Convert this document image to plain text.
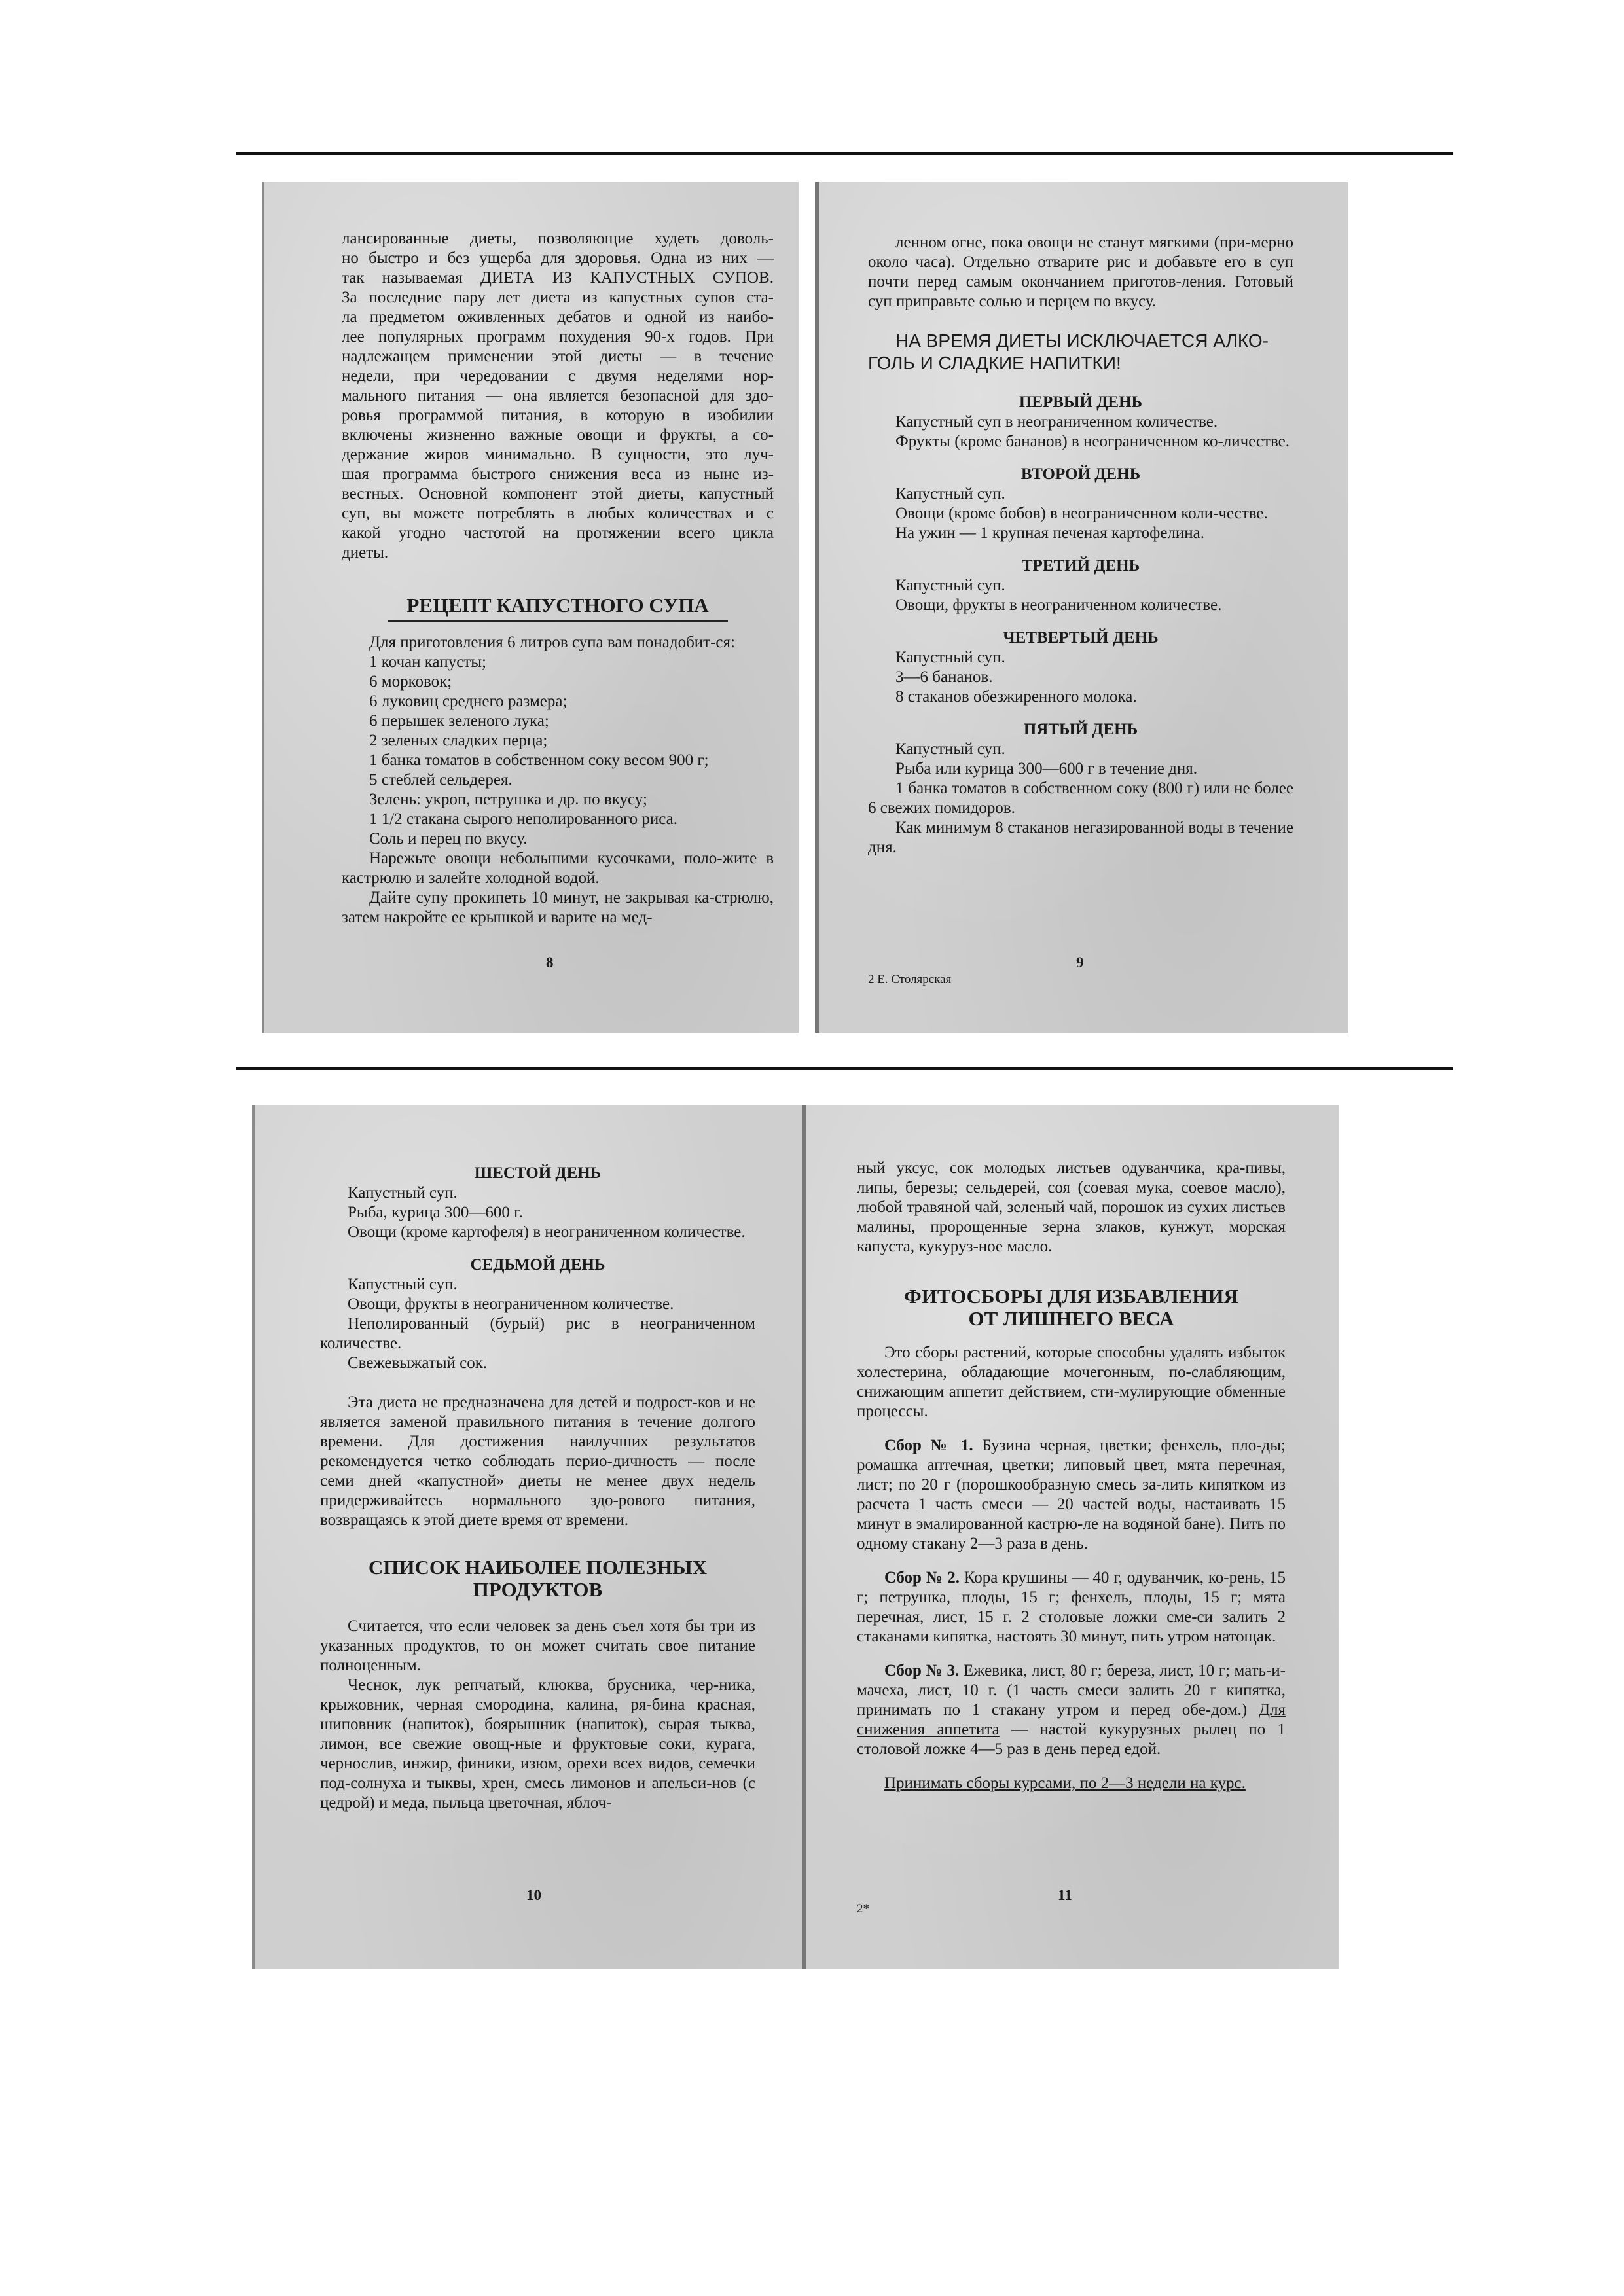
лансированные диеты, позволяющие худеть доволь-

но быстро и без ущерба для здоровья. Одна из них —

так называемая ДИЕТА ИЗ КАПУСТНЫХ СУПОВ.

За последние пару лет диета из капустных супов ста-

ла предметом оживленных дебатов и одной из наибо-

лее популярных программ похудения 90-х годов. При

надлежащем применении этой диеты — в течение

недели, при чередовании с двумя неделями нор-

мального питания — она является безопасной для здо-

ровья программой питания, в которую в изобилии

включены жизненно важные овощи и фрукты, а со-

держание жиров минимально. В сущности, это луч-

шая программа быстрого снижения веса из ныне из-

вестных. Основной компонент этой диеты, капустный

суп, вы можете потреблять в любых количествах и с

какой угодно частотой на протяжении всего цикла

диеты.

РЕЦЕПТ КАПУСТНОГО СУПА

Для приготовления 6 литров супа вам понадобит-ся:

1 кочан капусты;

6 морковок;

6 луковиц среднего размера;

6 перышек зеленого лука;

2 зеленых сладких перца;

1 банка томатов в собственном соку весом 900 г;

5 стеблей сельдерея.

Зелень: укроп, петрушка и др. по вкусу;

1 1/2 стакана сырого неполированного риса.

Соль и перец по вкусу.

Нарежьте овощи небольшими кусочками, поло-жите в кастрюлю и залейте холодной водой.

Дайте супу прокипеть 10 минут, не закрывая ка-стрюлю, затем накройте ее крышкой и варите на мед-

8

ленном огне, пока овощи не станут мягкими (при-мерно около часа). Отдельно отварите рис и добавьте его в суп почти перед самым окончанием приготов-ления. Готовый суп приправьте солью и перцем по вкусу.

НА ВРЕМЯ ДИЕТЫ ИСКЛЮЧАЕТСЯ АЛКО-ГОЛЬ И СЛАДКИЕ НАПИТКИ!

ПЕРВЫЙ ДЕНЬ

Капустный суп в неограниченном количестве.

Фрукты (кроме бананов) в неограниченном ко-личестве.

ВТОРОЙ ДЕНЬ

Капустный суп.

Овощи (кроме бобов) в неограниченном коли-честве.

На ужин — 1 крупная печеная картофелина.

ТРЕТИЙ ДЕНЬ

Капустный суп.

Овощи, фрукты в неограниченном количестве.

ЧЕТВЕРТЫЙ ДЕНЬ

Капустный суп.

3—6 бананов.

8 стаканов обезжиренного молока.

ПЯТЫЙ ДЕНЬ

Капустный суп.

Рыба или курица 300—600 г в течение дня.

1 банка томатов в собственном соку (800 г) или не более 6 свежих помидоров.

Как минимум 8 стаканов негазированной воды в течение дня.

2 Е. Столярская
9

ШЕСТОЙ ДЕНЬ

Капустный суп.

Рыба, курица 300—600 г.

Овощи (кроме картофеля) в неограниченном количестве.

СЕДЬМОЙ ДЕНЬ

Капустный суп.

Овощи, фрукты в неограниченном количестве.

Неполированный (бурый) рис в неограниченном количестве.

Свежевыжатый сок.

Эта диета не предназначена для детей и подрост-ков и не является заменой правильного питания в течение долгого времени. Для достижения наилучших результатов рекомендуется четко соблюдать перио-дичность — после семи дней «капустной» диеты не менее двух недель придерживайтесь нормального здо-рового питания, возвращаясь к этой диете время от времени.

СПИСОК НАИБОЛЕЕ ПОЛЕЗНЫХ

ПРОДУКТОВ

Считается, что если человек за день съел хотя бы три из указанных продуктов, то он может считать свое питание полноценным.

Чеснок, лук репчатый, клюква, брусника, чер-ника, крыжовник, черная смородина, калина, ря-бина красная, шиповник (напиток), боярышник (напиток), сырая тыква, лимон, все свежие овощ-ные и фруктовые соки, курага, чернослив, инжир, финики, изюм, орехи всех видов, семечки под-солнуха и тыквы, хрен, смесь лимонов и апельси-нов (с цедрой) и меда, пыльца цветочная, яблоч-

10

ный уксус, сок молодых листьев одуванчика, кра-пивы, липы, березы; сельдерей, соя (соевая мука, соевое масло), любой травяной чай, зеленый чай, порошок из сухих листьев малины, пророщенные зерна злаков, кунжут, морская капуста, кукуруз-ное масло.

ФИТОСБОРЫ ДЛЯ ИЗБАВЛЕНИЯ

ОТ ЛИШНЕГО ВЕСА

Это сборы растений, которые способны удалять избыток холестерина, обладающие мочегонным, по-слабляющим, снижающим аппетит действием, сти-мулирующие обменные процессы.

Сбор № 1. Бузина черная, цветки; фенхель, пло-ды; ромашка аптечная, цветки; липовый цвет, мята перечная, лист; по 20 г (порошкообразную смесь за-лить кипятком из расчета 1 часть смеси — 20 частей воды, настаивать 15 минут в эмалированной кастрю-ле на водяной бане). Пить по одному стакану 2—3 раза в день.

Сбор № 2. Кора крушины — 40 г, одуванчик, ко-рень, 15 г; петрушка, плоды, 15 г; фенхель, плоды, 15 г; мята перечная, лист, 15 г. 2 столовые ложки сме-си залить 2 стаканами кипятка, настоять 30 минут, пить утром натощак.

Сбор № 3. Ежевика, лист, 80 г; береза, лист, 10 г; мать-и-мачеха, лист, 10 г. (1 часть смеси залить 20 г кипятка, принимать по 1 стакану утром и перед обе-дом.) Для снижения аппетита — настой кукурузных рылец по 1 столовой ложке 4—5 раз в день перед едой.

Принимать сборы курсами, по 2—3 недели на курс.

2*
11
